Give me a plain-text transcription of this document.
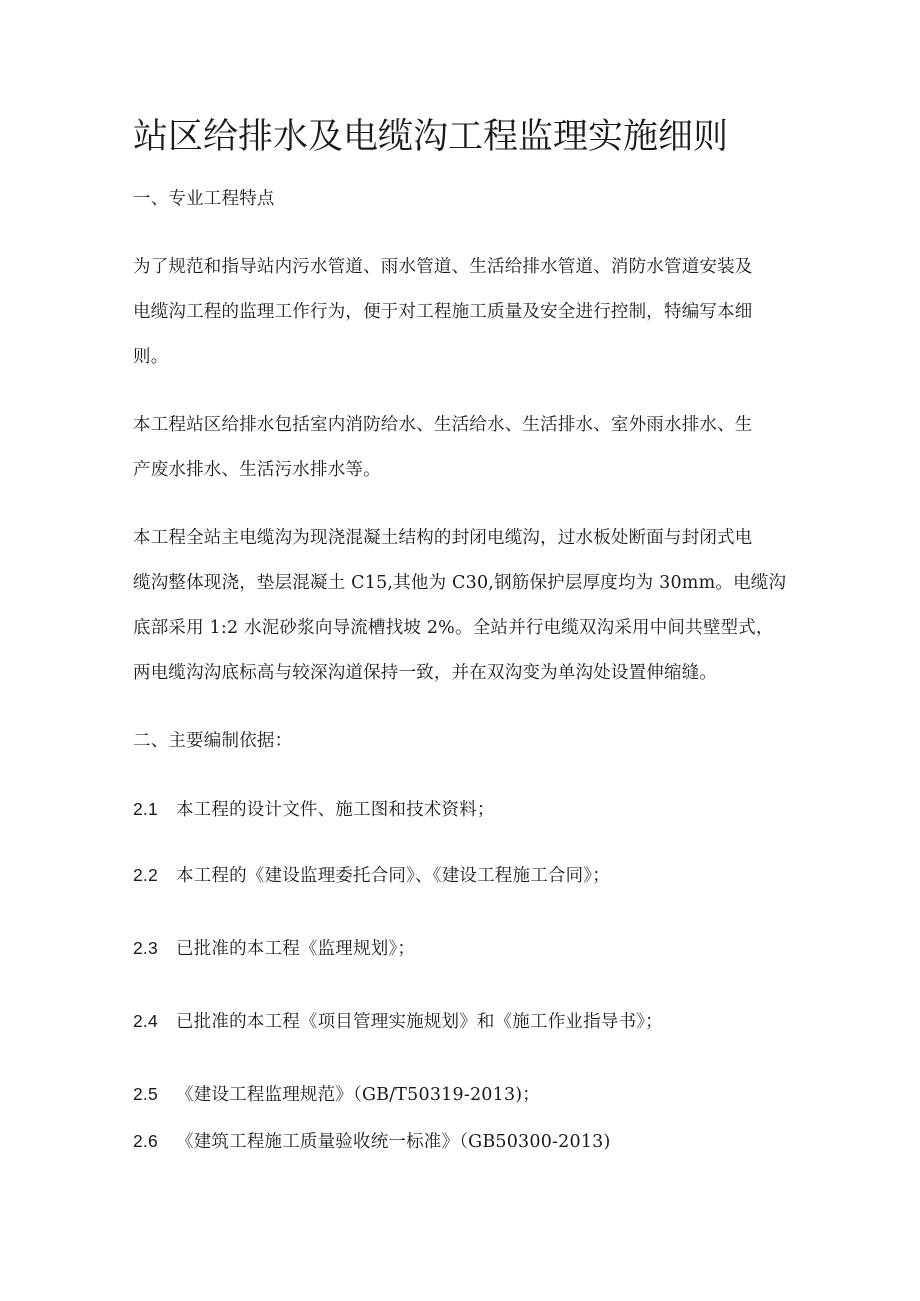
站区给排水及电缆沟工程监理实施细则
一、专业工程特点
为了规范和指导站内污水管道、雨水管道、生活给排水管道、消防水管道安装及
电缆沟工程的监理工作行为，便于对工程施工质量及安全进行控制，特编写本细
则。
本工程站区给排水包括室内消防给水、生活给水、生活排水、室外雨水排水、生
产废水排水、生活污水排水等。
本工程全站主电缆沟为现浇混凝土结构的封闭电缆沟，过水板处断面与封闭式电
缆沟整体现浇，垫层混凝土 C15,其他为 C30,钢筋保护层厚度均为 30mm。电缆沟
底部采用 1:2 水泥砂浆向导流槽找坡 2%。全站并行电缆双沟采用中间共壁型式，
两电缆沟沟底标高与较深沟道保持一致，并在双沟变为单沟处设置伸缩缝。
二、主要编制依据：
2.1 本工程的设计文件、施工图和技术资料；
2.2 本工程的《建设监理委托合同》、《建设工程施工合同》；
2.3 已批准的本工程《监理规划》；
2.4 已批准的本工程《项目管理实施规划》和《施工作业指导书》；
2.5 《建设工程监理规范》（GB/T50319-2013)；
2.6 《建筑工程施工质量验收统一标准》（GB50300-2013)
